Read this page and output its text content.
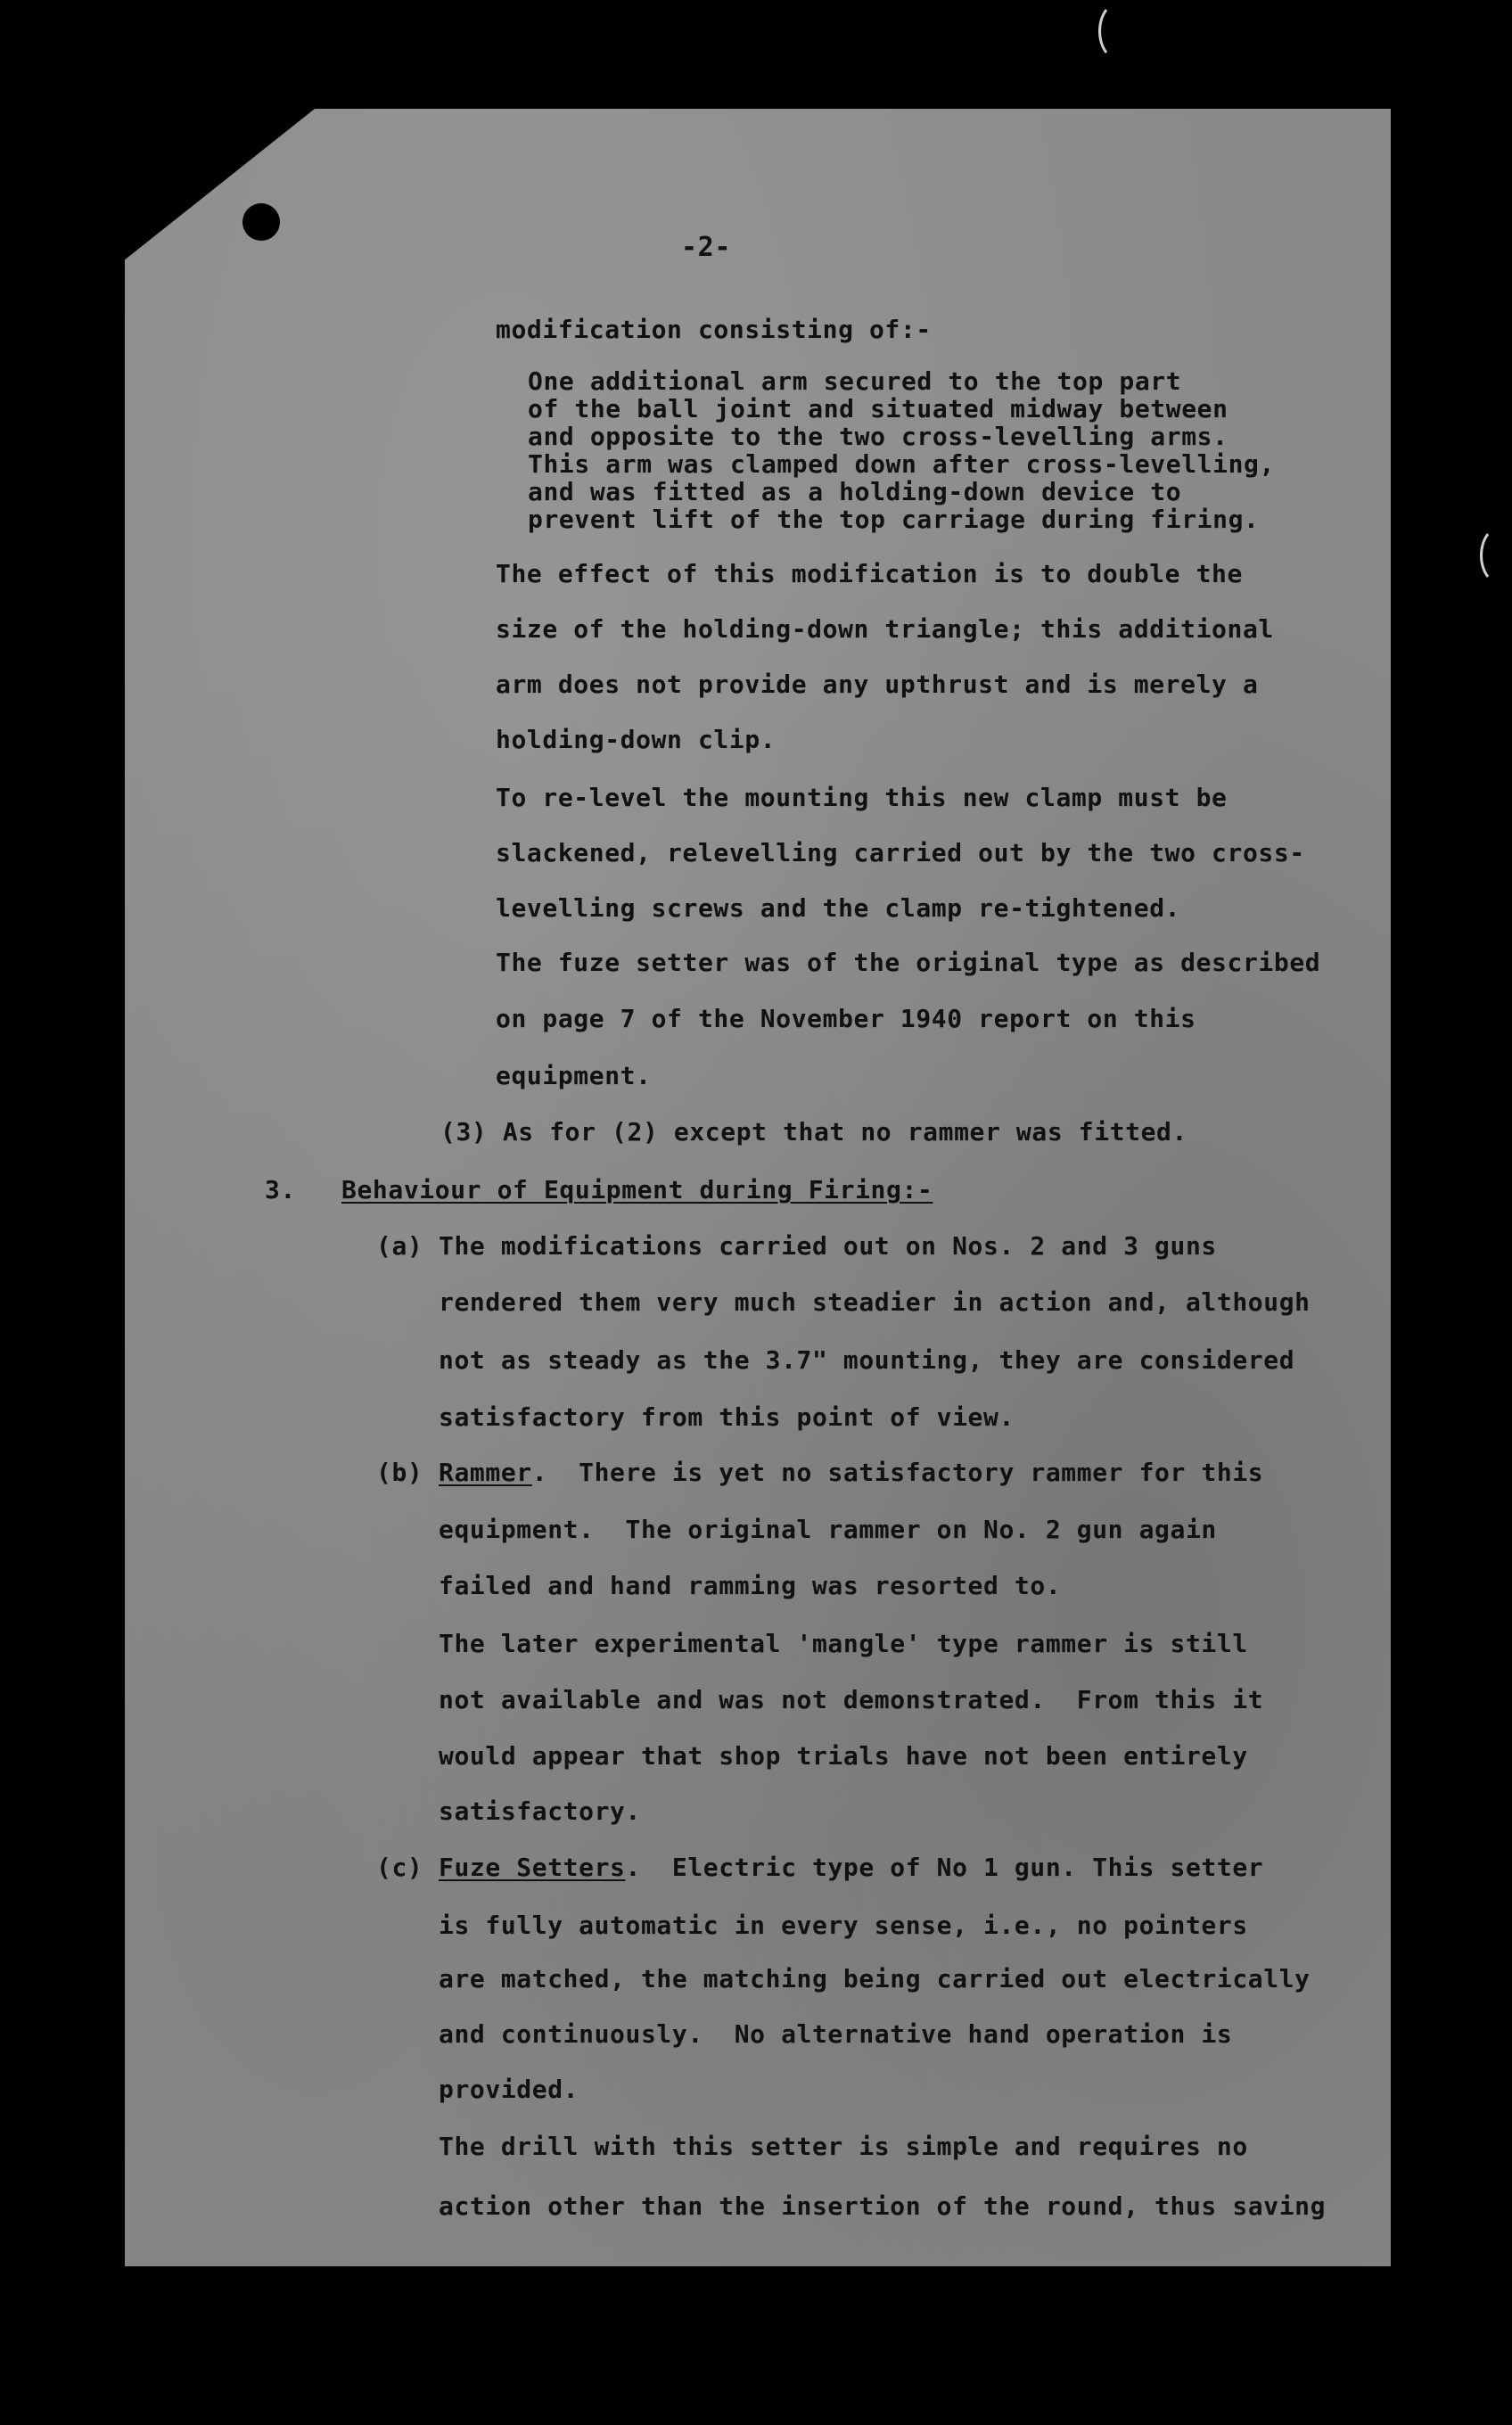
-2-

modification consisting of:-

One additional arm secured to the top part

of the ball joint and situated midway between

and opposite to the two cross-levelling arms.

This arm was clamped down after cross-levelling,

and was fitted as a holding-down device to

prevent lift of the top carriage during firing.

The effect of this modification is to double the

size of the holding-down triangle; this additional

arm does not provide any upthrust and is merely a

holding-down clip.

To re-level the mounting this new clamp must be

slackened, relevelling carried out by the two cross-

levelling screws and the clamp re-tightened.

The fuze setter was of the original type as described

on page 7 of the November 1940 report on this

equipment.

(3) As for (2) except that no rammer was fitted.

3. Behaviour of Equipment during Firing:-

(a) The modifications carried out on Nos. 2 and 3 guns

rendered them very much steadier in action and, although

not as steady as the 3.7" mounting, they are considered

satisfactory from this point of view.

(b) Rammer.  There is yet no satisfactory rammer for this

equipment.  The original rammer on No. 2 gun again

failed and hand ramming was resorted to.

The later experimental 'mangle' type rammer is still

not available and was not demonstrated.  From this it

would appear that shop trials have not been entirely

satisfactory.

(c) Fuze Setters.  Electric type of No 1 gun. This setter

is fully automatic in every sense, i.e., no pointers

are matched, the matching being carried out electrically

and continuously.  No alternative hand operation is

provided.

The drill with this setter is simple and requires no

action other than the insertion of the round, thus saving
